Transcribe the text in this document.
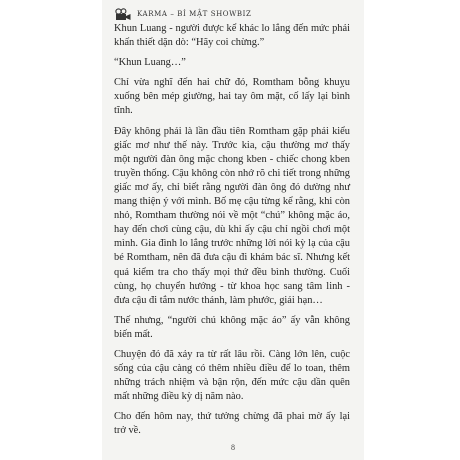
KARMA – BÍ MẬT SHOWBIZ

Khun Luang - người được kể khác lo lắng đến mức phải khấn thiết dặn dò: “Hãy coi chừng.”

“Khun Luang…”

Chỉ vừa nghĩ đến hai chữ đó, Romtham bỗng khuỵu xuống bên mép giường, hai tay ôm mặt, cố lấy lại bình tĩnh.

Đây không phải là lần đầu tiên Romtham gặp phải kiểu giấc mơ như thế này. Trước kia, cậu thường mơ thấy một người đàn ông mặc chong kben - chiếc chong kben truyền thống. Cậu không còn nhớ rõ chi tiết trong những giấc mơ ấy, chỉ biết rằng người đàn ông đó dường như mang thiện ý với mình. Bố mẹ cậu từng kể rằng, khi còn nhỏ, Romtham thường nói về một “chú” không mặc áo, hay đến chơi cùng cậu, dù khi ấy cậu chỉ ngồi chơi một mình. Gia đình lo lắng trước những lời nói kỳ lạ của cậu bé Romtham, nên đã đưa cậu đi khám bác sĩ. Nhưng kết quả kiểm tra cho thấy mọi thứ đều bình thường. Cuối cùng, họ chuyển hướng - từ khoa học sang tâm linh - đưa cậu đi tắm nước thánh, làm phước, giải hạn…

Thế nhưng, “người chú không mặc áo” ấy vẫn không biến mất.

Chuyện đó đã xảy ra từ rất lâu rồi. Càng lớn lên, cuộc sống của cậu càng có thêm nhiều điều để lo toan, thêm những trách nhiệm và bận rộn, đến mức cậu dần quên mất những điều kỳ dị năm nào.

Cho đến hôm nay, thứ tưởng chừng đã phai mờ ấy lại trở về.

8
